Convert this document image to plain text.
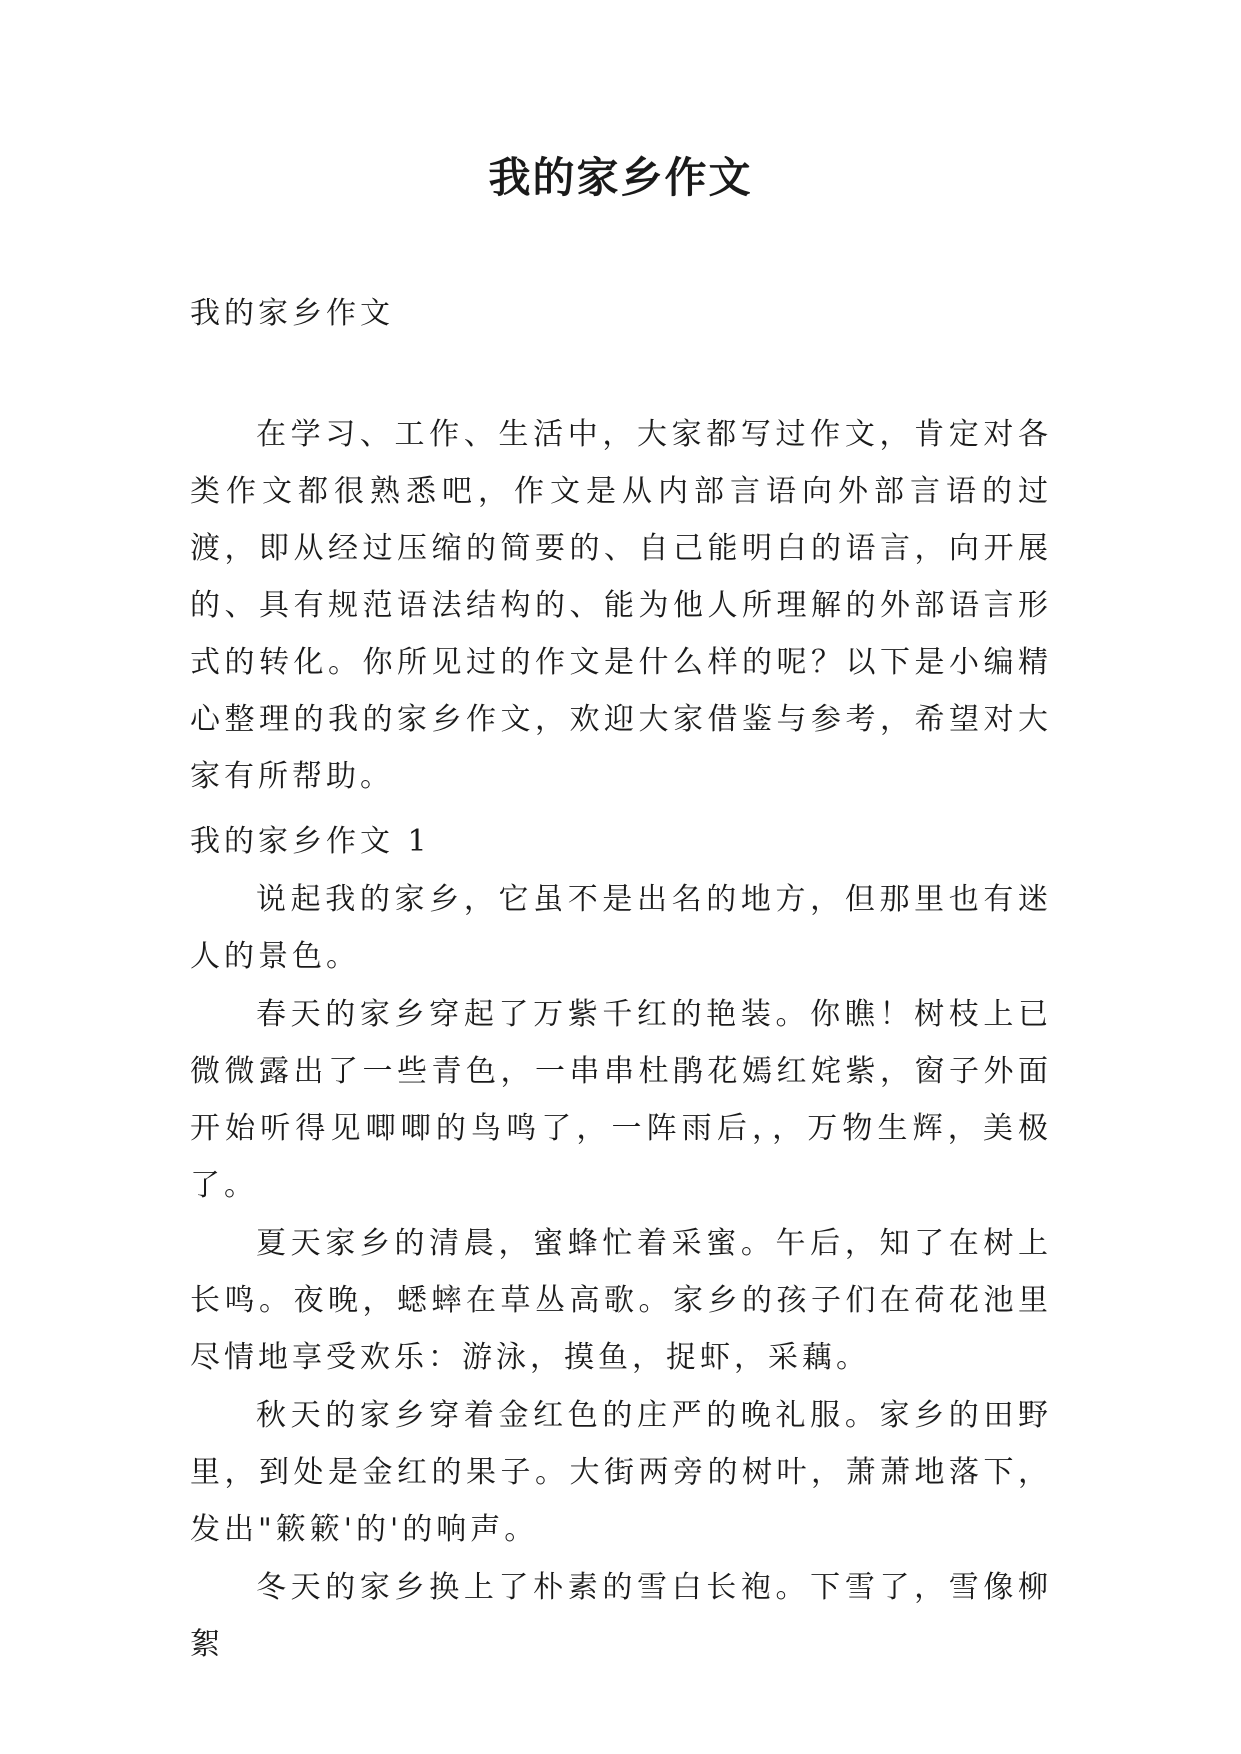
我的家乡作文

我的家乡作文

在学习、工作、生活中，大家都写过作文，肯定对各类作文都很熟悉吧，作文是从内部言语向外部言语的过渡，即从经过压缩的简要的、自己能明白的语言，向开展的、具有规范语法结构的、能为他人所理解的外部语言形式的转化。你所见过的作文是什么样的呢？以下是小编精心整理的我的家乡作文，欢迎大家借鉴与参考，希望对大家有所帮助。

我的家乡作文 1

说起我的家乡，它虽不是出名的地方，但那里也有迷人的景色。

春天的家乡穿起了万紫千红的艳装。你瞧！树枝上已微微露出了一些青色，一串串杜鹃花嫣红姹紫，窗子外面开始听得见唧唧的鸟鸣了，一阵雨后，，万物生辉，美极了。

夏天家乡的清晨，蜜蜂忙着采蜜。午后，知了在树上长鸣。夜晚，蟋蟀在草丛高歌。家乡的孩子们在荷花池里尽情地享受欢乐：游泳，摸鱼，捉虾，采藕。

秋天的家乡穿着金红色的庄严的晚礼服。家乡的田野里，到处是金红的果子。大街两旁的树叶，萧萧地落下，发出"簌簌'的'的响声。

冬天的家乡换上了朴素的雪白长袍。下雪了，雪像柳絮
